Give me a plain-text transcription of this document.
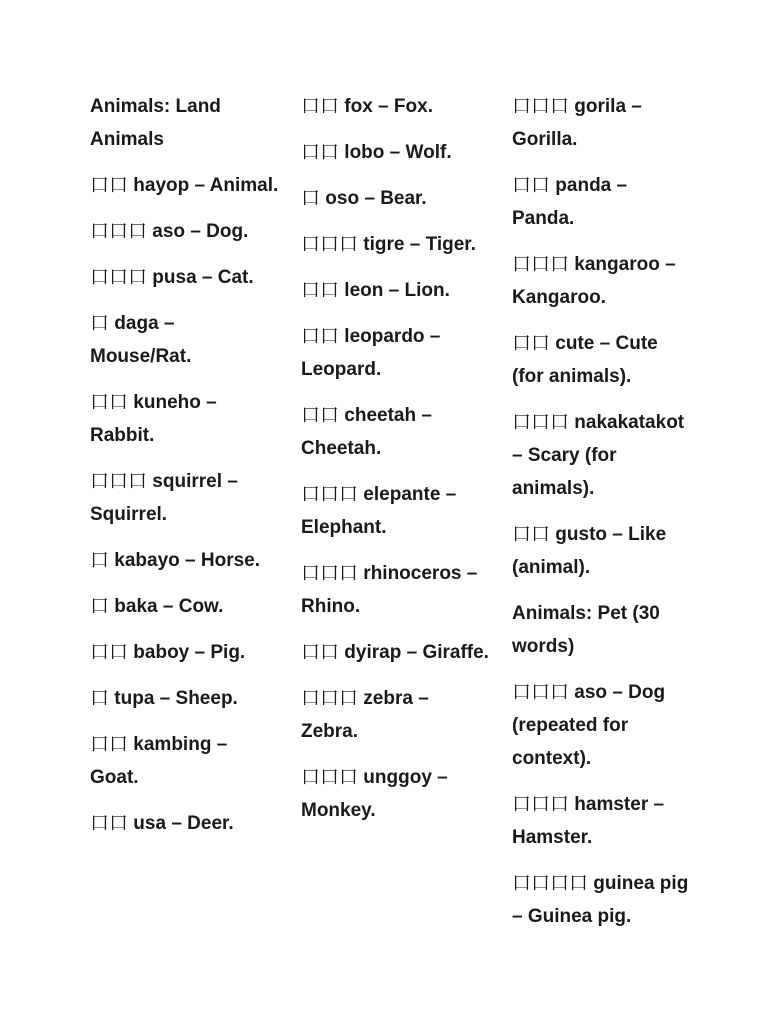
Animals: Land Animals
口口 hayop – Animal.
口口口 aso – Dog.
口口口 pusa – Cat.
口 daga – Mouse/Rat.
口口 kuneho – Rabbit.
口口口 squirrel – Squirrel.
口 kabayo – Horse.
口 baka – Cow.
口口 baboy – Pig.
口 tupa – Sheep.
口口 kambing – Goat.
口口 usa – Deer.
口口 fox – Fox.
口口 lobo – Wolf.
口 oso – Bear.
口口口 tigre – Tiger.
口口 leon – Lion.
口口 leopardo – Leopard.
口口 cheetah – Cheetah.
口口口 elepante – Elephant.
口口口 rhinoceros – Rhino.
口口 dyirap – Giraffe.
口口口 zebra – Zebra.
口口口 unggoy – Monkey.
口口口 gorila – Gorilla.
口口 panda – Panda.
口口口 kangaroo – Kangaroo.
口口 cute – Cute (for animals).
口口口 nakakatakot – Scary (for animals).
口口 gusto – Like (animal).
Animals: Pet (30 words)
口口口 aso – Dog (repeated for context).
口口口 hamster – Hamster.
口口口口 guinea pig – Guinea pig.
